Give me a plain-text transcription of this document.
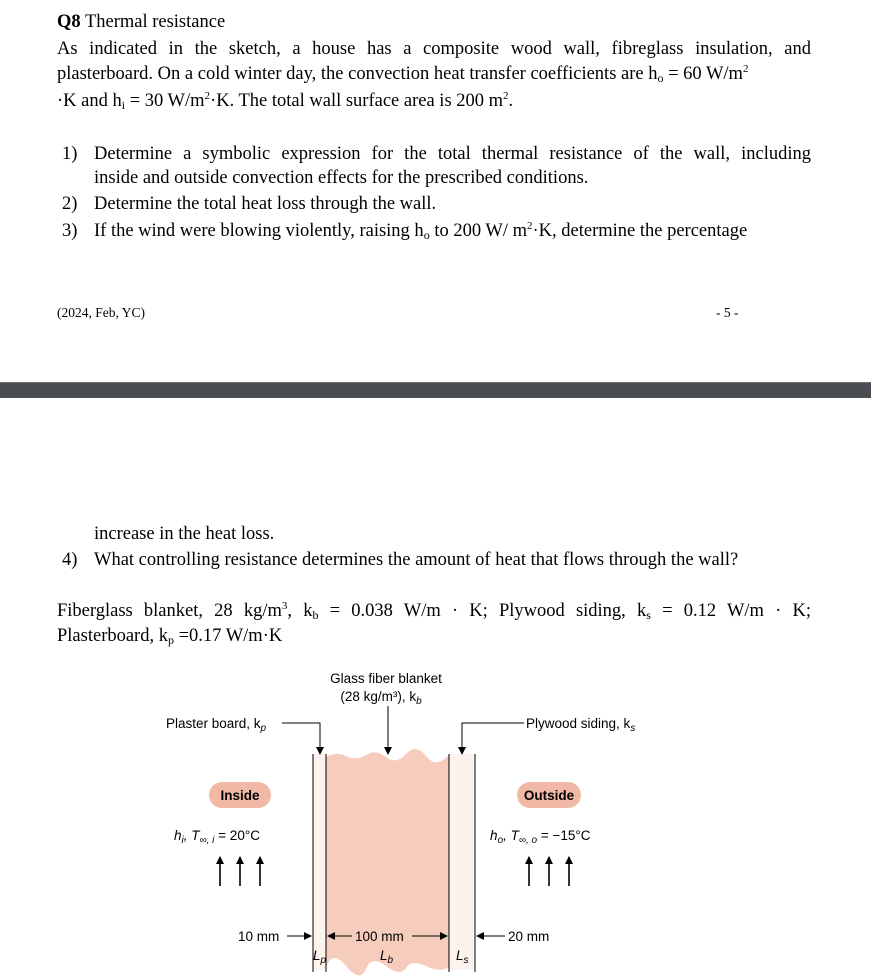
Q8 Thermal resistance
As indicated in the sketch, a house has a composite wood wall, fibreglass insulation, and
plasterboard. On a cold winter day, the convection heat transfer coefficients are $h_o = 60$ $W/m^2$
·K and $h_i = 30$ $W/m^2\cdot K$. The total wall surface area is 200 $m^2$.
1) Determine a symbolic expression for the total thermal resistance of the wall, including
inside and outside convection effects for the prescribed conditions.
2) Determine the total heat loss through the wall.
3) If the wind were blowing violently, raising $h_o$ to 200 W/ $m^2\cdot K$, determine the percentage
(2024, Feb, YC)	- 5 -
increase in the heat loss.
4) What controlling resistance determines the amount of heat that flows through the wall?
Fiberglass blanket, 28 $kg/m^3$, $k_b = 0.038$ W/m · K; Plywood siding, $k_s = 0.12$ W/m · K;
Plasterboard, $k_p =0.17$ W/m·K
Glass fiber blanket
(28 kg/m³), $k_b$
Plaster board, $k_p$	Plywood siding, $k_s$
Inside	Outside
$h_i$, $T_{\infty, i} = 20^\circ C$	$h_o$, $T_{\infty, o} = -15^\circ C$
10 mm	100 mm	20 mm
$L_p$	$L_b$	$L_s$
